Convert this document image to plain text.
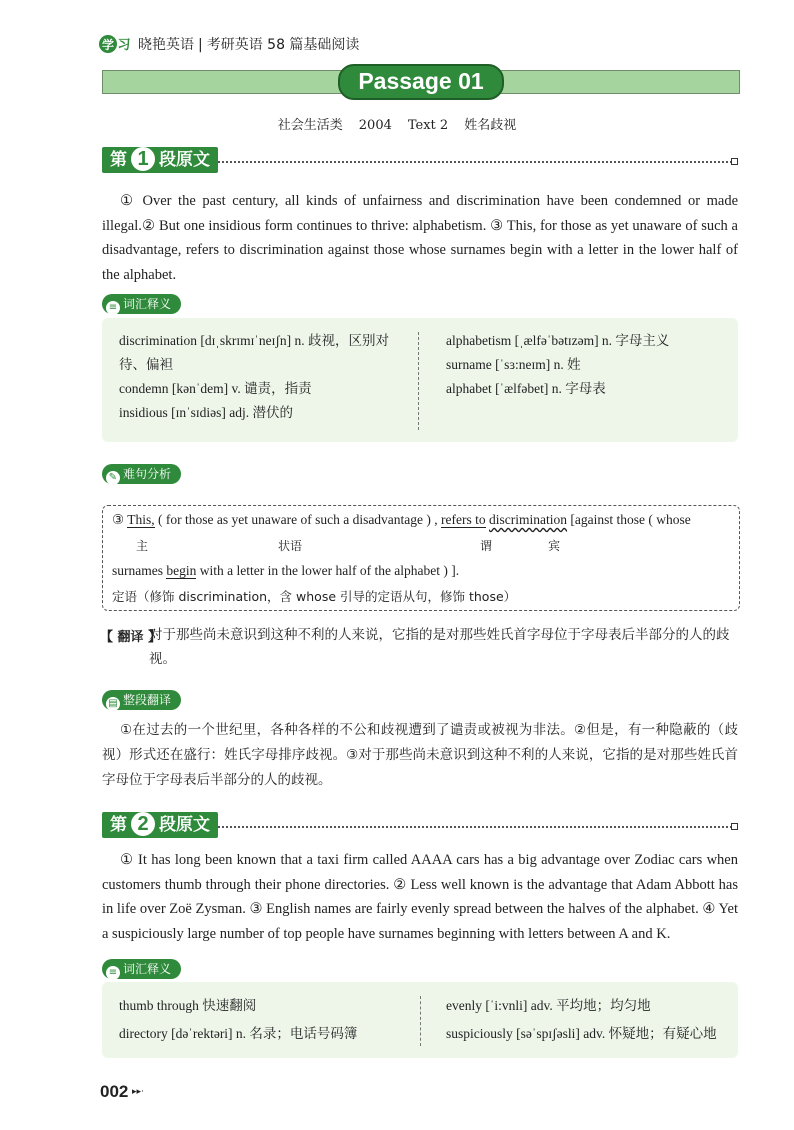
学 习 晓艳英语 | 考研英语 58 篇基础阅读
Passage 01
社会生活类 2004 Text 2 姓名歧视
第 1 段原文

① Over the past century, all kinds of unfairness and discrimination have been condemned or made illegal.② But one insidious form continues to thrive: alphabetism. ③ This, for those as yet unaware of such a disadvantage, refers to discrimination against those whose surnames begin with a letter in the lower half of the alphabet.

≡ 词汇释义
discrimination [dɪˌskrɪmɪˈneɪʃn] n. 歧视，区别对待、偏袒
condemn [kənˈdem] v. 谴责，指责
insidious [ɪnˈsɪdiəs] adj. 潜伏的
alphabetism [ˌælfəˈbətɪzəm] n. 字母主义
surname [ˈsɜ:neɪm] n. 姓
alphabet [ˈælfəbet] n. 字母表
✎ 难句分析
③ This, ( for those as yet unaware of such a disadvantage ) , refers to discrimination [against those ( whose
主	状语	谓	宾
surnames begin with a letter in the lower half of the alphabet ) ].
定语（修饰 discrimination，含 whose 引导的定语从句，修饰 those）
【 翻译 】
对于那些尚未意识到这种不利的人来说，它指的是对那些姓氏首字母位于字母表后半部分的人的歧视。
▤ 整段翻译
①在过去的一个世纪里，各种各样的不公和歧视遭到了谴责或被视为非法。②但是，有一种隐蔽的（歧视）形式还在盛行：姓氏字母排序歧视。③对于那些尚未意识到这种不利的人来说，它指的是对那些姓氏首字母位于字母表后半部分的人的歧视。
第 2 段原文

① It has long been known that a taxi firm called AAAA cars has a big advantage over Zodiac cars when customers thumb through their phone directories. ② Less well known is the advantage that Adam Abbott has in life over Zoë Zysman. ③ English names are fairly evenly spread between the halves of the alphabet. ④ Yet a suspiciously large number of top people have surnames beginning with letters between A and K.

≡ 词汇释义
thumb through 快速翻阅
directory [dəˈrektəri] n. 名录；电话号码簿
evenly [ˈi:vnli] adv. 平均地；均匀地
suspiciously [səˈspɪʃəsli] adv. 怀疑地；有疑心地
002 ▸▸·
